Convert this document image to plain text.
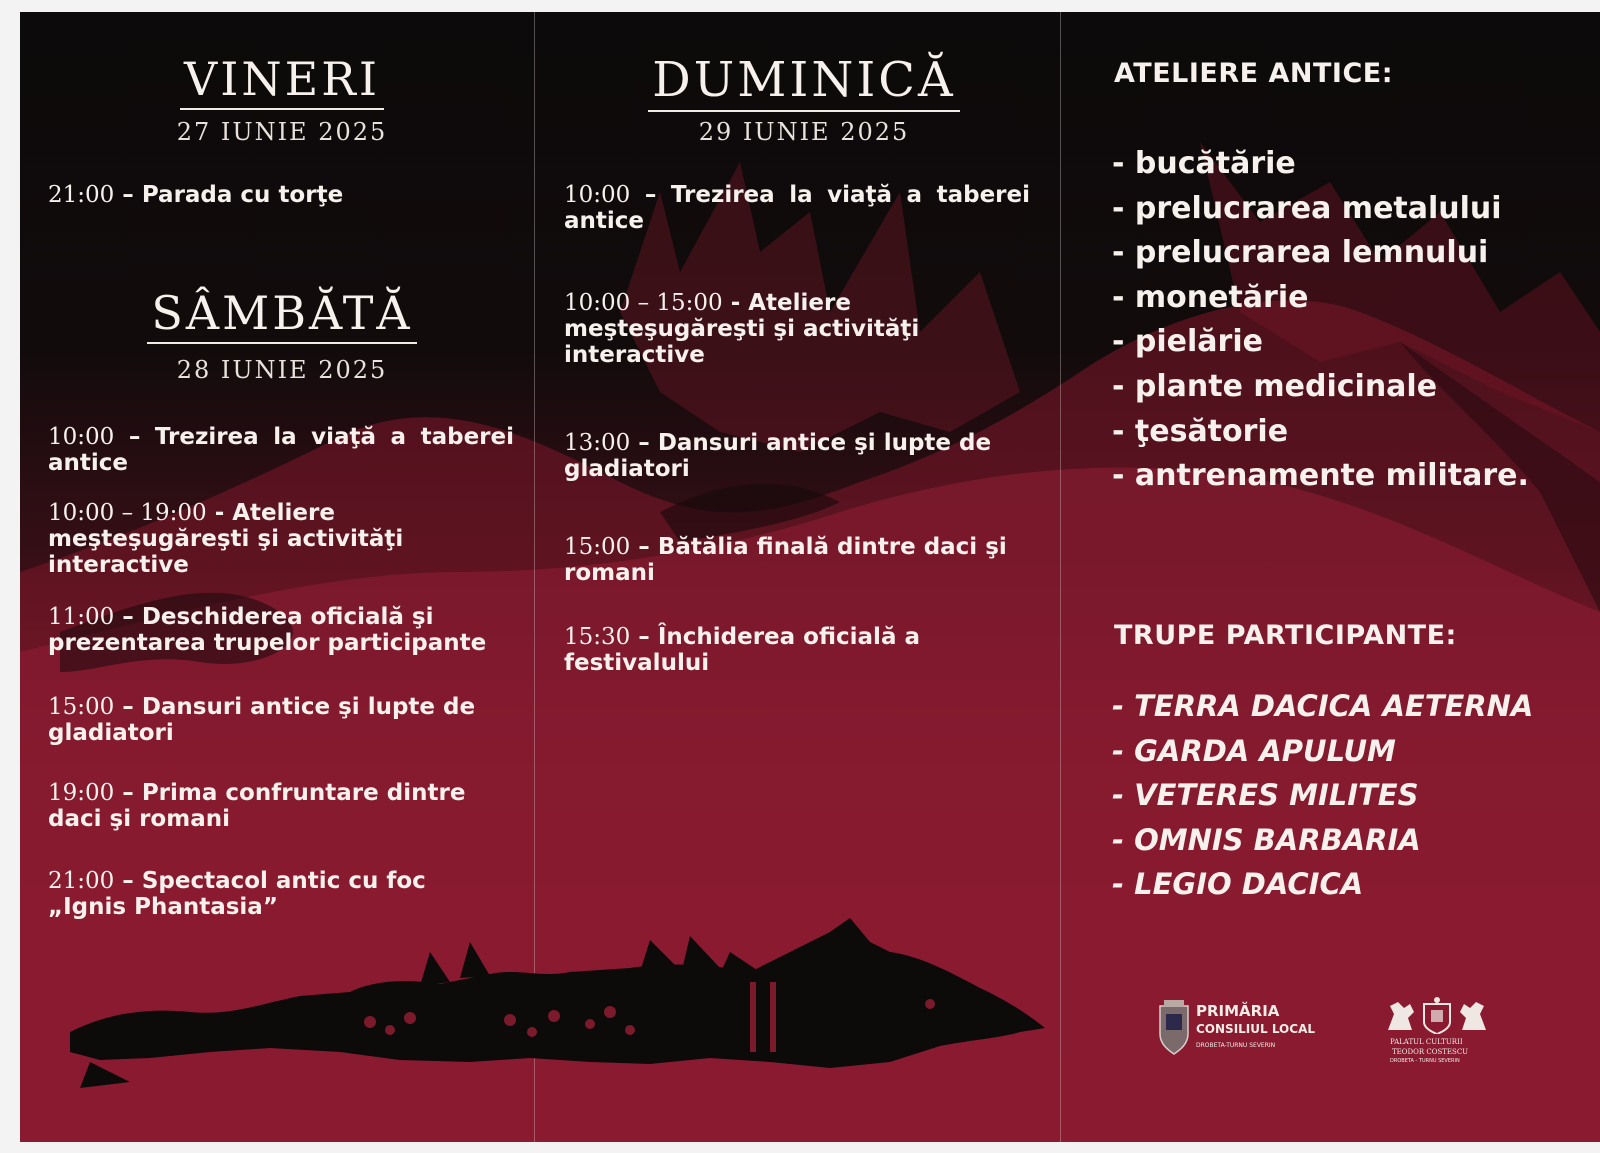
VINERI
27 IUNIE 2025
21:00 – Parada cu torţe
SÂMBĂTĂ
28 IUNIE 2025
10:00 – Trezirea la viaţă a taberei antice
10:00 – 19:00 - Ateliere meşteşugăreşti şi activităţi interactive
11:00 – Deschiderea oficială şi prezentarea trupelor participante
15:00 – Dansuri antice şi lupte de gladiatori
19:00 – Prima confruntare dintre daci şi romani
21:00 – Spectacol antic cu foc „Ignis Phantasia”
DUMINICĂ
29 IUNIE 2025
10:00 – Trezirea la viaţă a taberei antice
10:00 – 15:00 - Ateliere meşteşugăreşti şi activităţi interactive
13:00 – Dansuri antice şi lupte de gladiatori
15:00 – Bătălia finală dintre daci şi romani
15:30 – Închiderea oficială a festivalului
ATELIERE ANTICE:
- bucătărie
- prelucrarea metalului
- prelucrarea lemnului
- monetărie
- pielărie
- plante medicinale
- ţesătorie
- antrenamente militare.
TRUPE PARTICIPANTE:
- TERRA DACICA AETERNA
- GARDA APULUM
- VETERES MILITES
- OMNIS BARBARIA
- LEGIO DACICA
PRIMĂRIA
CONSILIUL LOCAL
DROBETA-TURNU SEVERIN	PALATUL CULTURII
TEODOR COSTESCU
DROBETA - TURNU SEVERIN
